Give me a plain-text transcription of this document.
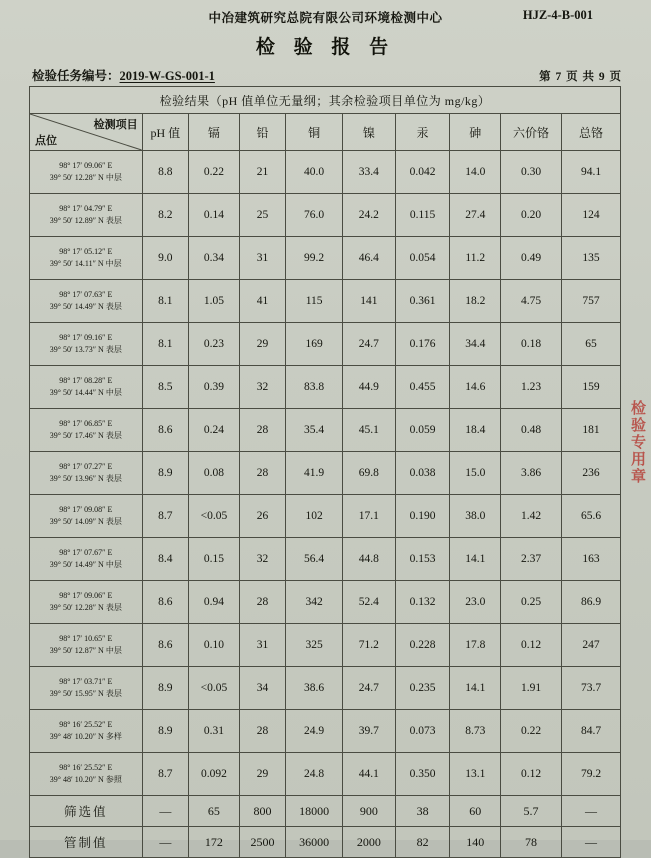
中冶建筑研究总院有限公司环境检测中心	HJZ-4-B-001
检 验 报 告
检验任务编号：2019-W-GS-001-1	第 7 页 共 9 页
检验结果（pH 值单位无量纲；其余检验项目单位为 mg/kg）									

检测项目
点位	pH 值	镉	铅	铜	镍	汞	砷	六价铬	总铬

98° 17′ 09.06″ E
39° 50′ 12.28″ N 中层	8.8	0.22	21	40.0	33.4	0.042	14.0	0.30	94.1

98° 17′ 04.79″ E
39° 50′ 12.89″ N 表层	8.2	0.14	25	76.0	24.2	0.115	27.4	0.20	124

98° 17′ 05.12″ E
39° 50′ 14.11″ N 中层	9.0	0.34	31	99.2	46.4	0.054	11.2	0.49	135

98° 17′ 07.63″ E
39° 50′ 14.49″ N 表层	8.1	1.05	41	115	141	0.361	18.2	4.75	757

98° 17′ 09.16″ E
39° 50′ 13.73″ N 表层	8.1	0.23	29	169	24.7	0.176	34.4	0.18	65

98° 17′ 08.28″ E
39° 50′ 14.44″ N 中层	8.5	0.39	32	83.8	44.9	0.455	14.6	1.23	159

98° 17′ 06.85″ E
39° 50′ 17.46″ N 表层	8.6	0.24	28	35.4	45.1	0.059	18.4	0.48	181

98° 17′ 07.27″ E
39° 50′ 13.96″ N 表层	8.9	0.08	28	41.9	69.8	0.038	15.0	3.86	236

98° 17′ 09.08″ E
39° 50′ 14.09″ N 表层	8.7	<0.05	26	102	17.1	0.190	38.0	1.42	65.6

98° 17′ 07.67″ E
39° 50′ 14.49″ N 中层	8.4	0.15	32	56.4	44.8	0.153	14.1	2.37	163

98° 17′ 09.06″ E
39° 50′ 12.28″ N 表层	8.6	0.94	28	342	52.4	0.132	23.0	0.25	86.9

98° 17′ 10.65″ E
39° 50′ 12.87″ N 中层	8.6	0.10	31	325	71.2	0.228	17.8	0.12	247

98° 17′ 03.71″ E
39° 50′ 15.95″ N 表层	8.9	<0.05	34	38.6	24.7	0.235	14.1	1.91	73.7

98° 16′ 25.52″ E
39° 48′ 10.20″ N 多样	8.9	0.31	28	24.9	39.7	0.073	8.73	0.22	84.7

98° 16′ 25.52″ E
39° 48′ 10.20″ N 参照	8.7	0.092	29	24.8	44.1	0.350	13.1	0.12	79.2
筛选值	—	65	800	18000	900	38	60	5.7	—
管制值	—	172	2500	36000	2000	82	140	78	—
检验专用章
